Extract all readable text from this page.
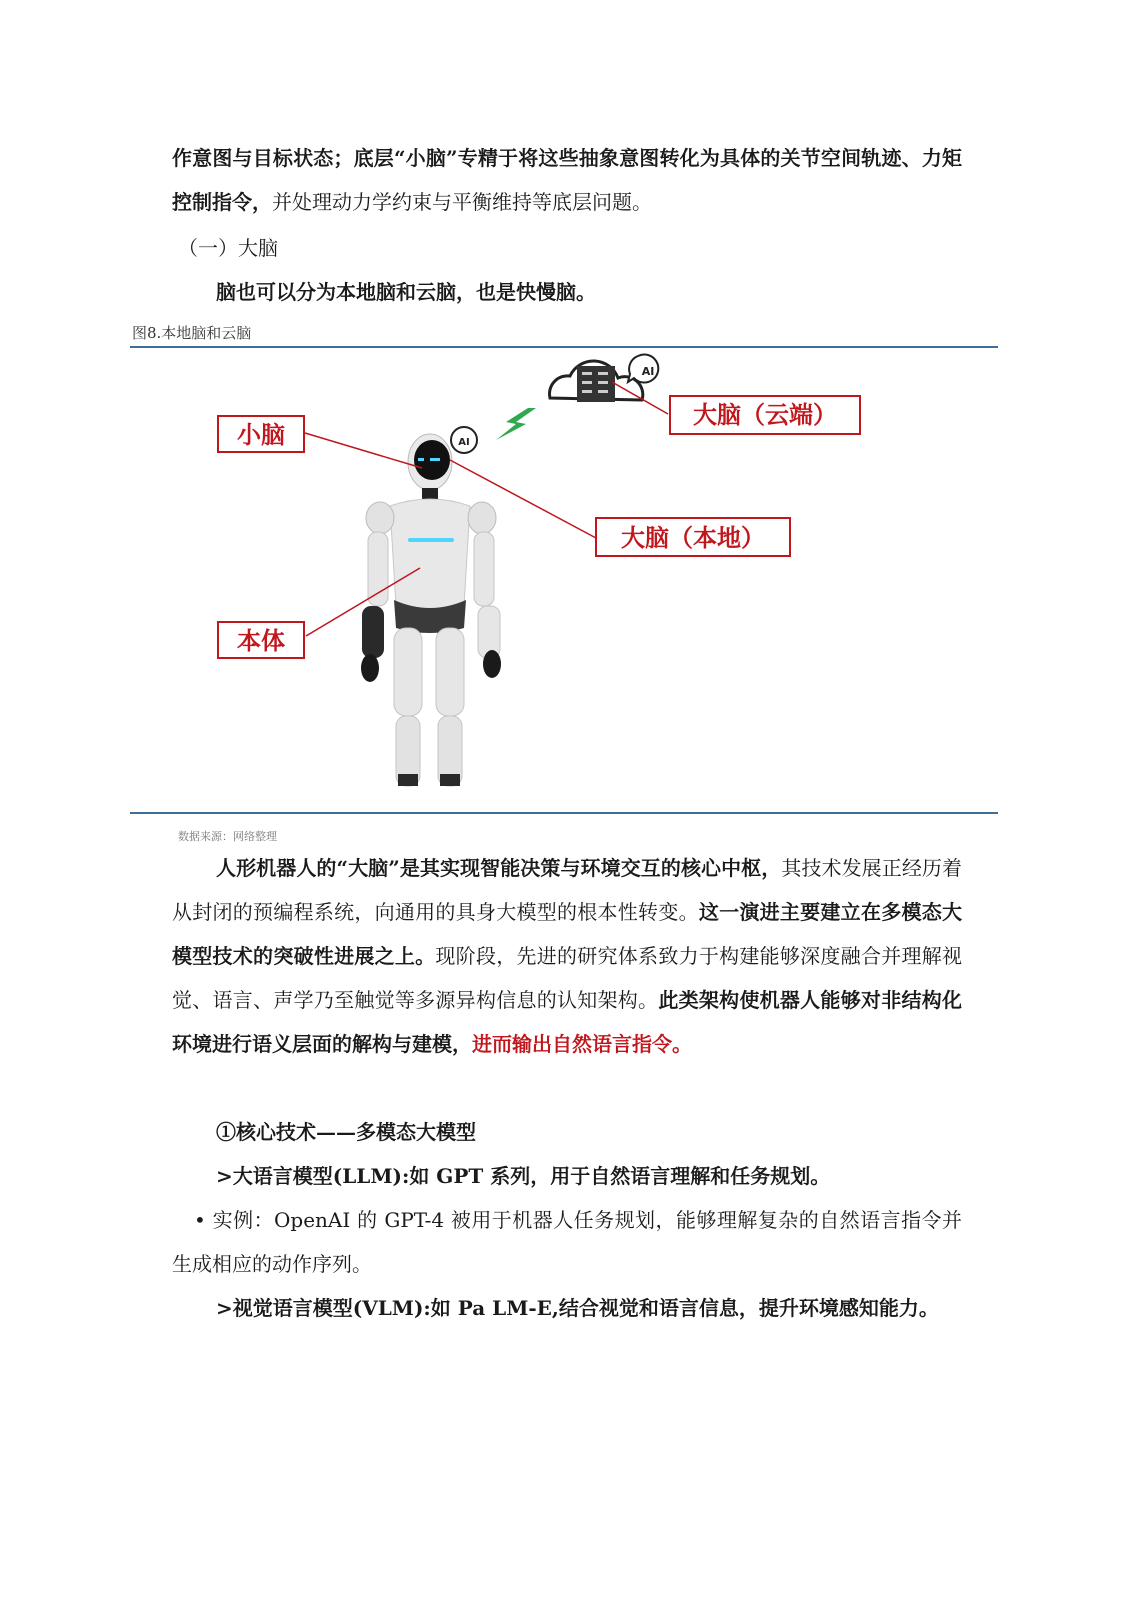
作意图与目标状态；底层“小脑”专精于将这些抽象意图转化为具体的关节空间轨迹、力矩控制指令，并处理动力学约束与平衡维持等底层问题。

（一）大脑

脑也可以分为本地脑和云脑，也是快慢脑。

图8.本地脑和云脑
AI
AI
小脑
大脑（云端）
大脑（本地）
本体
数据来源：网络整理

人形机器人的“大脑”是其实现智能决策与环境交互的核心中枢，其技术发展正经历着从封闭的预编程系统，向通用的具身大模型的根本性转变。这一演进主要建立在多模态大模型技术的突破性进展之上。现阶段，先进的研究体系致力于构建能够深度融合并理解视觉、语言、声学乃至触觉等多源异构信息的认知架构。此类架构使机器人能够对非结构化环境进行语义层面的解构与建模，进而输出自然语言指令。

①核心技术——多模态大模型

>大语言模型(LLM):如 GPT 系列，用于自然语言理解和任务规划。

• 实例：OpenAI 的 GPT-4 被用于机器人任务规划，能够理解复杂的自然语言指令并生成相应的动作序列。

>视觉语言模型(VLM):如 Pa LM-E,结合视觉和语言信息，提升环境感知能力。
